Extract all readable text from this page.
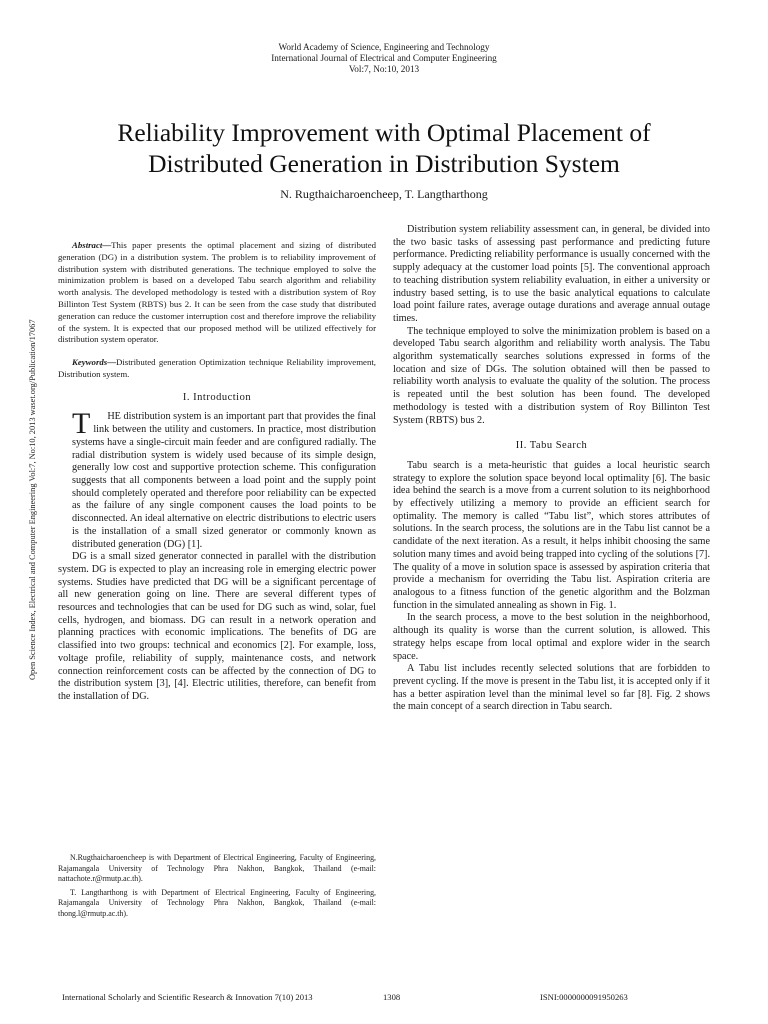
World Academy of Science, Engineering and Technology
International Journal of Electrical and Computer Engineering
Vol:7, No:10, 2013
Reliability Improvement with Optimal Placement of
Distributed Generation in Distribution System
N. Rugthaicharoencheep, T. Langtharthong
Open Science Index, Electrical and Computer Engineering Vol:7, No:10, 2013 waset.org/Publication/17067

Abstract—This paper presents the optimal placement and sizing of distributed generation (DG) in a distribution system. The problem is to reliability improvement of distribution system with distributed generations. The technique employed to solve the minimization problem is based on a developed Tabu search algorithm and reliability worth analysis. The developed methodology is tested with a distribution system of Roy Billinton Test System (RBTS) bus 2. It can be seen from the case study that distributed generation can reduce the customer interruption cost and therefore improve the reliability of the system. It is expected that our proposed method will be utilized effectively for distribution system operator.

Keywords—Distributed generation Optimization technique Reliability improvement, Distribution system.

I. Introduction

T HE distribution system is an important part that provides the final link between the utility and customers. In practice, most distribution systems have a single-circuit main feeder and are configured radially. The radial distribution system is widely used because of its simple design, generally low cost and supportive protection scheme. This configuration suggests that all components between a load point and the supply point should completely operated and therefore poor reliability can be expected as the failure of any single component causes the load points to be disconnected. An ideal alternative on electric distributions to electric users is the installation of a small sized generator or commonly known as distributed generation (DG) [1].

DG is a small sized generator connected in parallel with the distribution system. DG is expected to play an increasing role in emerging electric power systems. Studies have predicted that DG will be a significant percentage of all new generation going on line. There are several different types of resources and technologies that can be used for DG such as wind, solar, fuel cells, hydrogen, and biomass. DG can result in a network operation and planning practices with economic implications. The benefits of DG are classified into two groups: technical and economics [2]. For example, loss, voltage profile, reliability of supply, maintenance costs, and network connection reinforcement costs can be affected by the connection of DG to the distribution system [3], [4]. Electric utilities, therefore, can benefit from the installation of DG.

N.Rugthaicharoencheep is with Department of Electrical Engineering, Faculty of Engineering, Rajamangala University of Technology Phra Nakhon, Bangkok, Thailand (e-mail: nattachote.r@rmutp.ac.th).

T. Langtharthong is with Department of Electrical Engineering, Faculty of Engineering, Rajamangala University of Technology Phra Nakhon, Bangkok, Thailand (e-mail: thong.l@rmutp.ac.th).

Distribution system reliability assessment can, in general, be divided into the two basic tasks of assessing past performance and predicting future performance. Predicting reliability performance is usually concerned with the supply adequacy at the customer load points [5]. The conventional approach to teaching distribution system reliability evaluation, in either a university or industry based setting, is to use the basic analytical equations to calculate load point failure rates, average outage durations and average annual outage times.

The technique employed to solve the minimization problem is based on a developed Tabu search algorithm and reliability worth analysis. The Tabu algorithm systematically searches solutions expressed in forms of the location and size of DGs. The solution obtained will then be passed to reliability worth analysis to evaluate the quality of the solution. The process is repeated until the best solution has been found. The developed methodology is tested with a distribution system of Roy Billinton Test System (RBTS) bus 2.

II. Tabu Search

Tabu search is a meta-heuristic that guides a local heuristic search strategy to explore the solution space beyond local optimality [6]. The basic idea behind the search is a move from a current solution to its neighborhood by effectively utilizing a memory to provide an efficient search for optimality. The memory is called “Tabu list”, which stores attributes of solutions. In the search process, the solutions are in the Tabu list cannot be a candidate of the next iteration. As a result, it helps inhibit choosing the same solution many times and avoid being trapped into cycling of the solutions [7]. The quality of a move in solution space is assessed by aspiration criteria that provide a mechanism for overriding the Tabu list. Aspiration criteria are analogous to a fitness function of the genetic algorithm and the Bolzman function in the simulated annealing as shown in Fig. 1.

In the search process, a move to the best solution in the neighborhood, although its quality is worse than the current solution, is allowed. This strategy helps escape from local optimal and explore wider in the search space.

A Tabu list includes recently selected solutions that are forbidden to prevent cycling. If the move is present in the Tabu list, it is accepted only if it has a better aspiration level than the minimal level so far [8]. Fig. 2 shows the main concept of a search direction in Tabu search.

International Scholarly and Scientific Research & Innovation 7(10) 2013	1308	ISNI:0000000091950263
